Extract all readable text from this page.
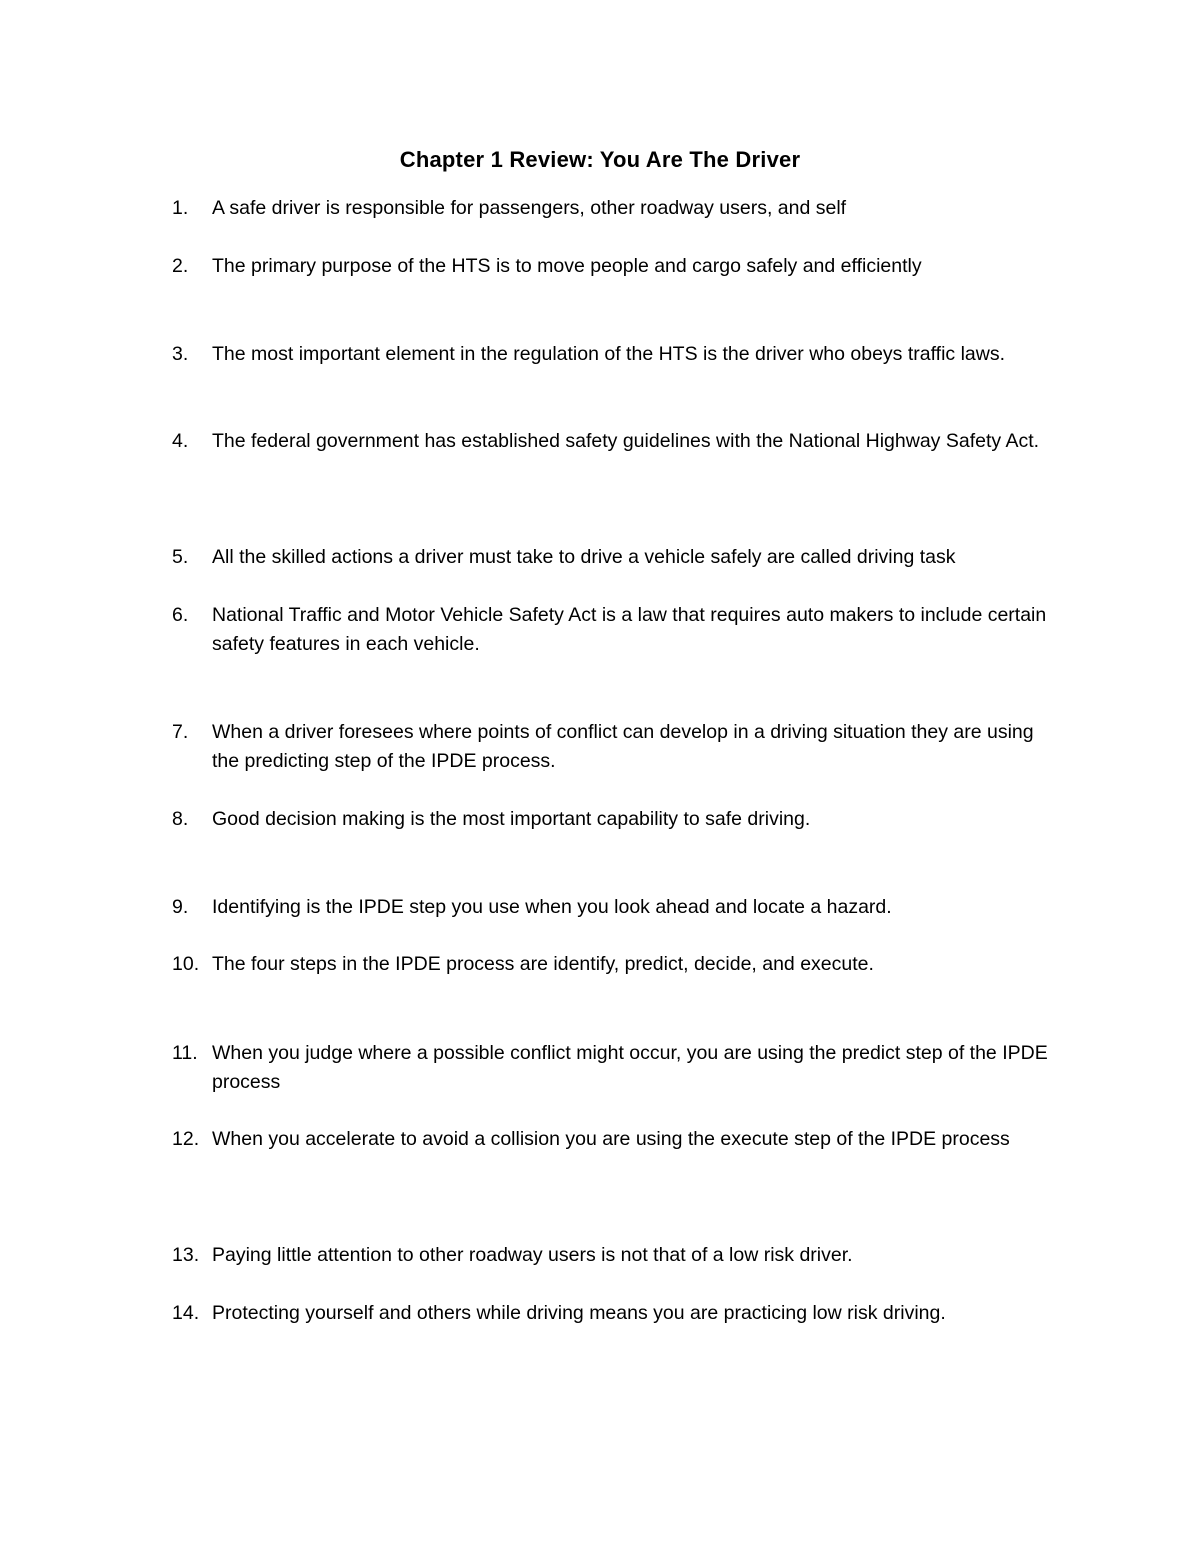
Chapter 1 Review: You Are The Driver
1.	A safe driver is responsible for passengers, other roadway users, and self
2.	The primary purpose of the HTS is to move people and cargo safely and efficiently
3.	The most important element in the regulation of the HTS is the driver who obeys traffic laws.
4.	The federal government has established safety guidelines with the National Highway Safety Act.
5.	All the skilled actions a driver must take to drive a vehicle safely are called driving task
6.	National Traffic and Motor Vehicle Safety Act is a law that requires auto makers to include certain safety features in each vehicle.
7.	When a driver foresees where points of conflict can develop in a driving situation they are using the predicting step of the IPDE process.
8.	Good decision making is the most important capability to safe driving.
9.	Identifying is the IPDE step you use when you look ahead and locate a hazard.
10. The four steps in the IPDE process are identify, predict, decide, and execute.
11. When you judge where a possible conflict might occur, you are using the predict step of the IPDE process
12. When you accelerate to avoid a collision you are using the execute step of the IPDE process
13. Paying little attention to other roadway users is not that of a low risk driver.
14. Protecting yourself and others while driving means you are practicing low risk driving.
